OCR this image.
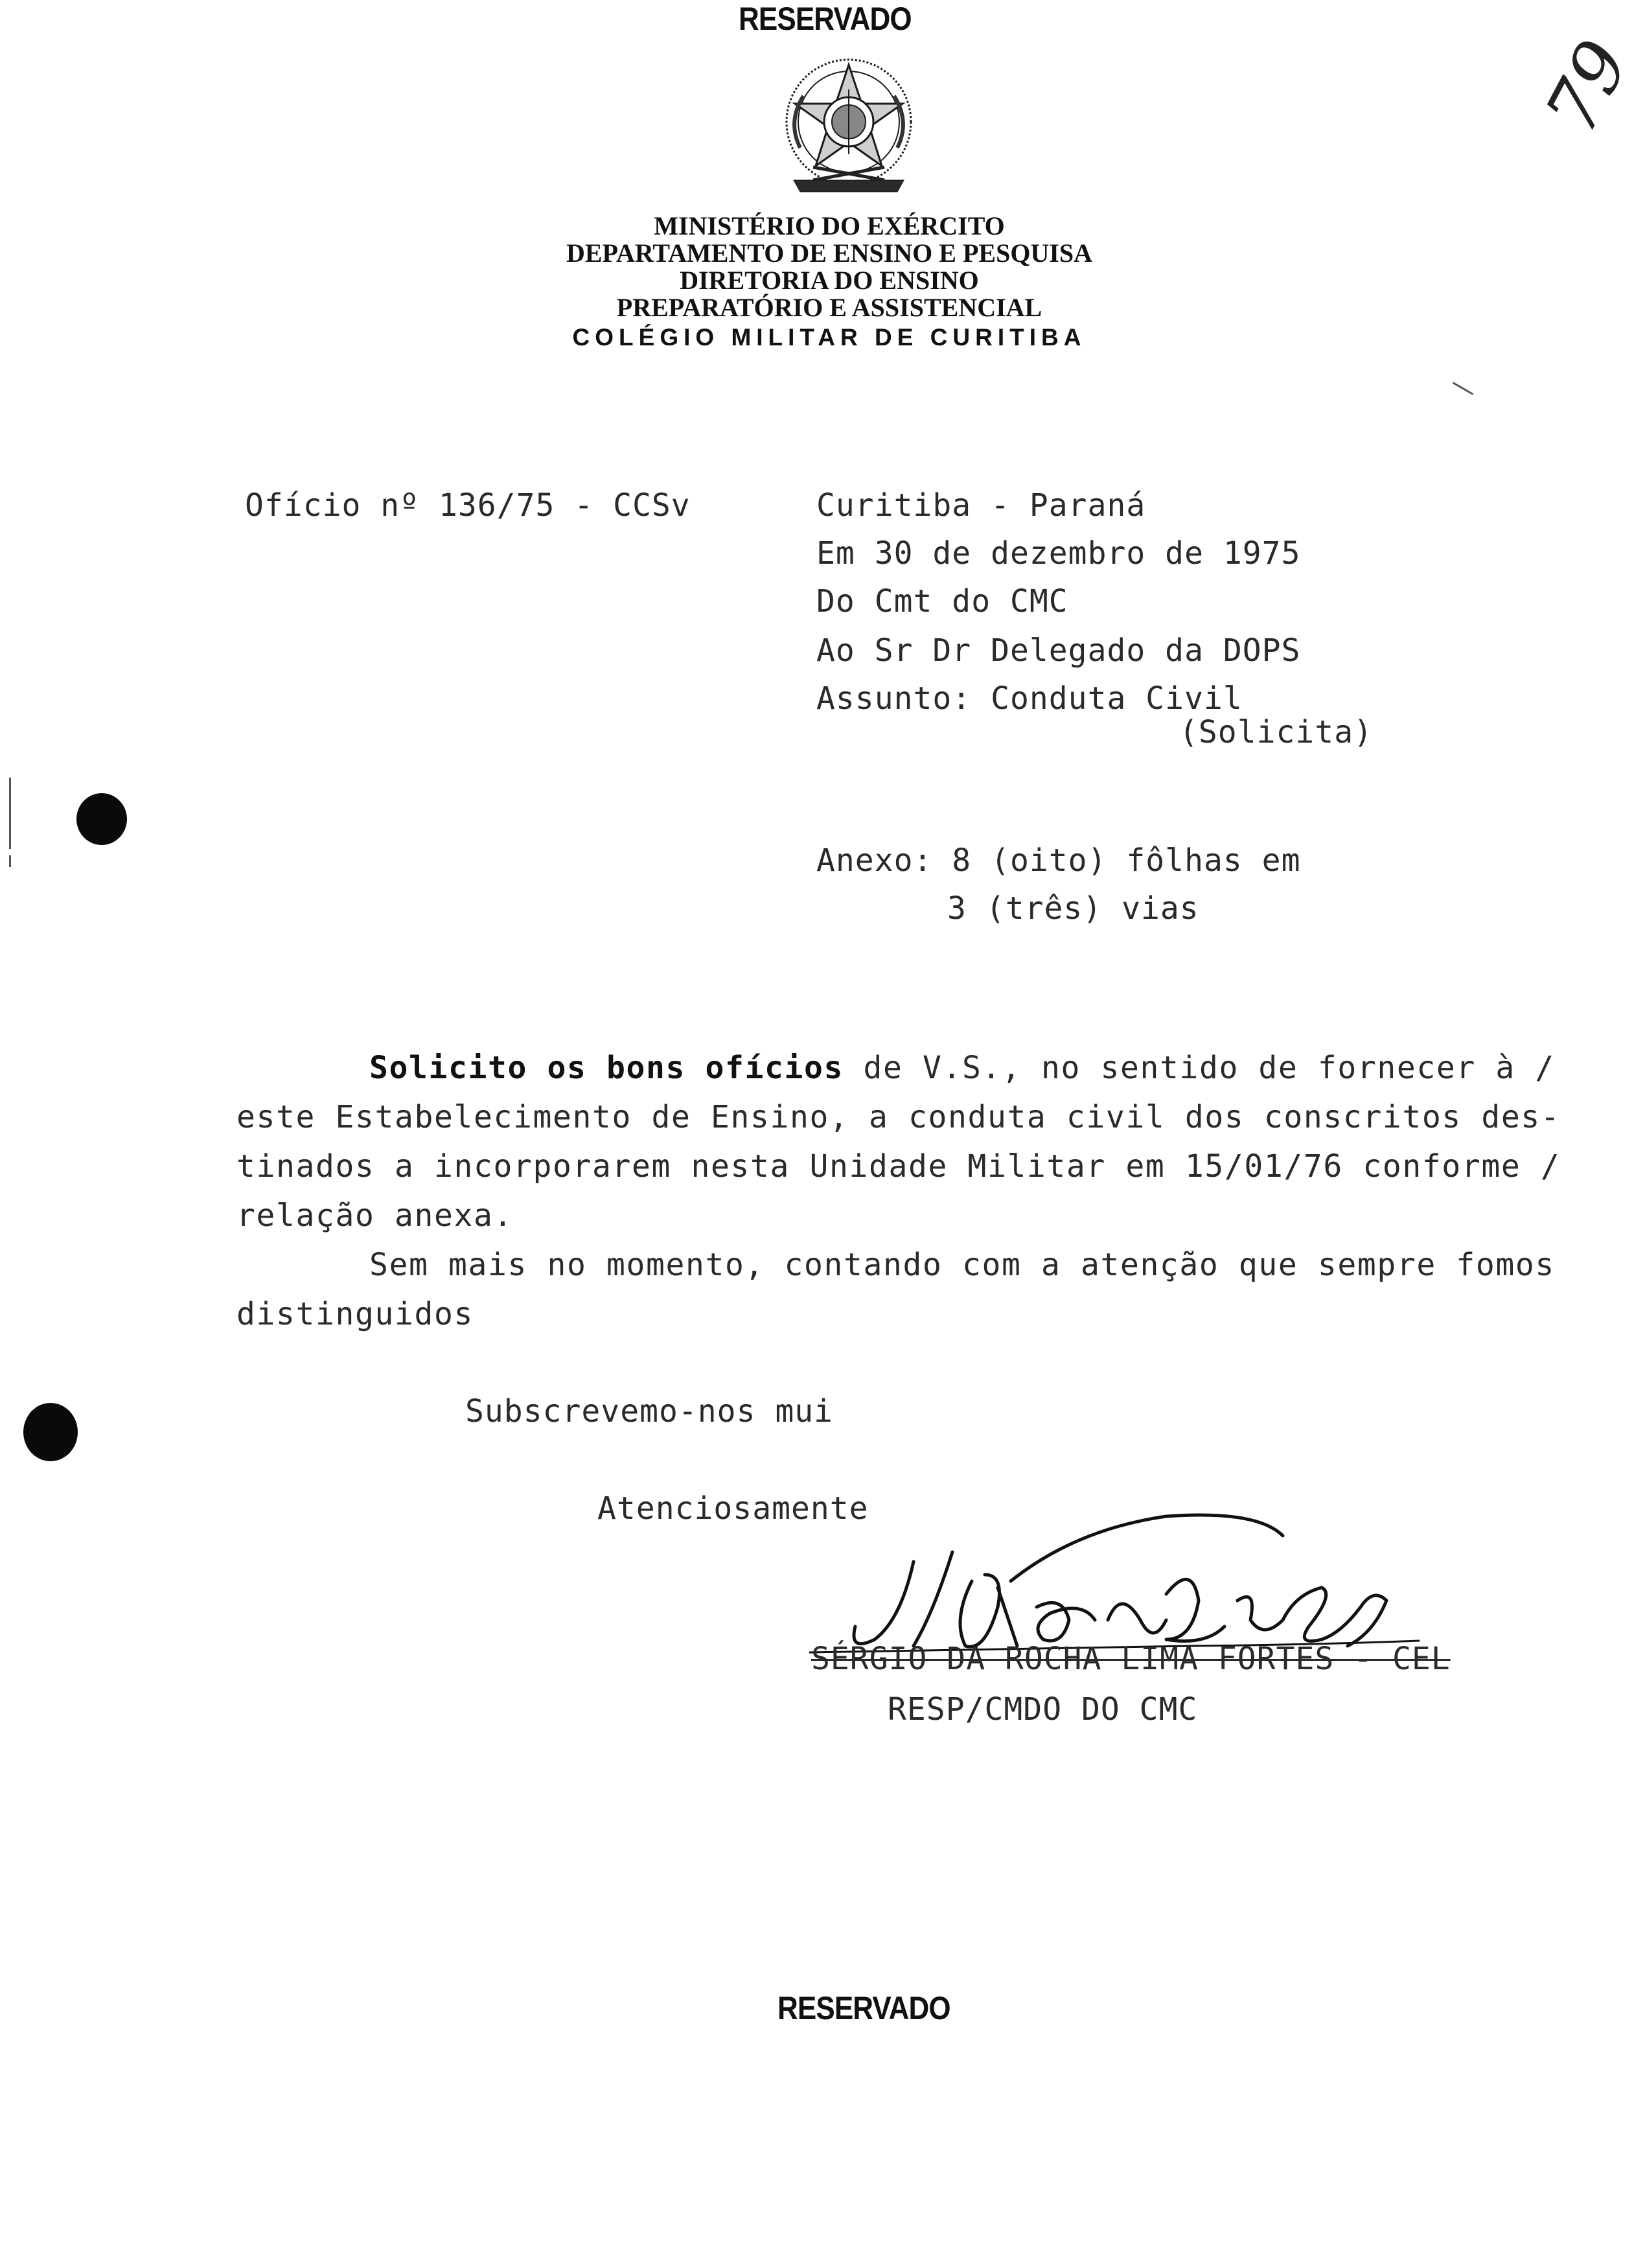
RESERVADO
79
MINISTÉRIO DO EXÉRCITO
DEPARTAMENTO DE ENSINO E PESQUISA
DIRETORIA DO ENSINO
PREPARATÓRIO E ASSISTENCIAL
COLÉGIO MILITAR DE CURITIBA
Ofício nº 136/75 - CCSv	Curitiba - Paraná
Em 30 de dezembro de 1975
Do Cmt do CMC
Ao Sr Dr Delegado da DOPS
Assunto: Conduta Civil
(Solicita)
Anexo: 8 (oito) fôlhas em
3 (três) vias
Solicito os bons ofícios de V.S., no sentido de fornecer à /
este Estabelecimento de Ensino, a conduta civil dos conscritos des-
tinados a incorporarem nesta Unidade Militar em 15/01/76 conforme /
relação anexa.
Sem mais no momento, contando com a atenção que sempre fomos
distinguidos
Subscrevemo-nos mui
Atenciosamente
SÉRGIO DA ROCHA LIMA FORTES - CEL
RESP/CMDO DO CMC
RESERVADO
